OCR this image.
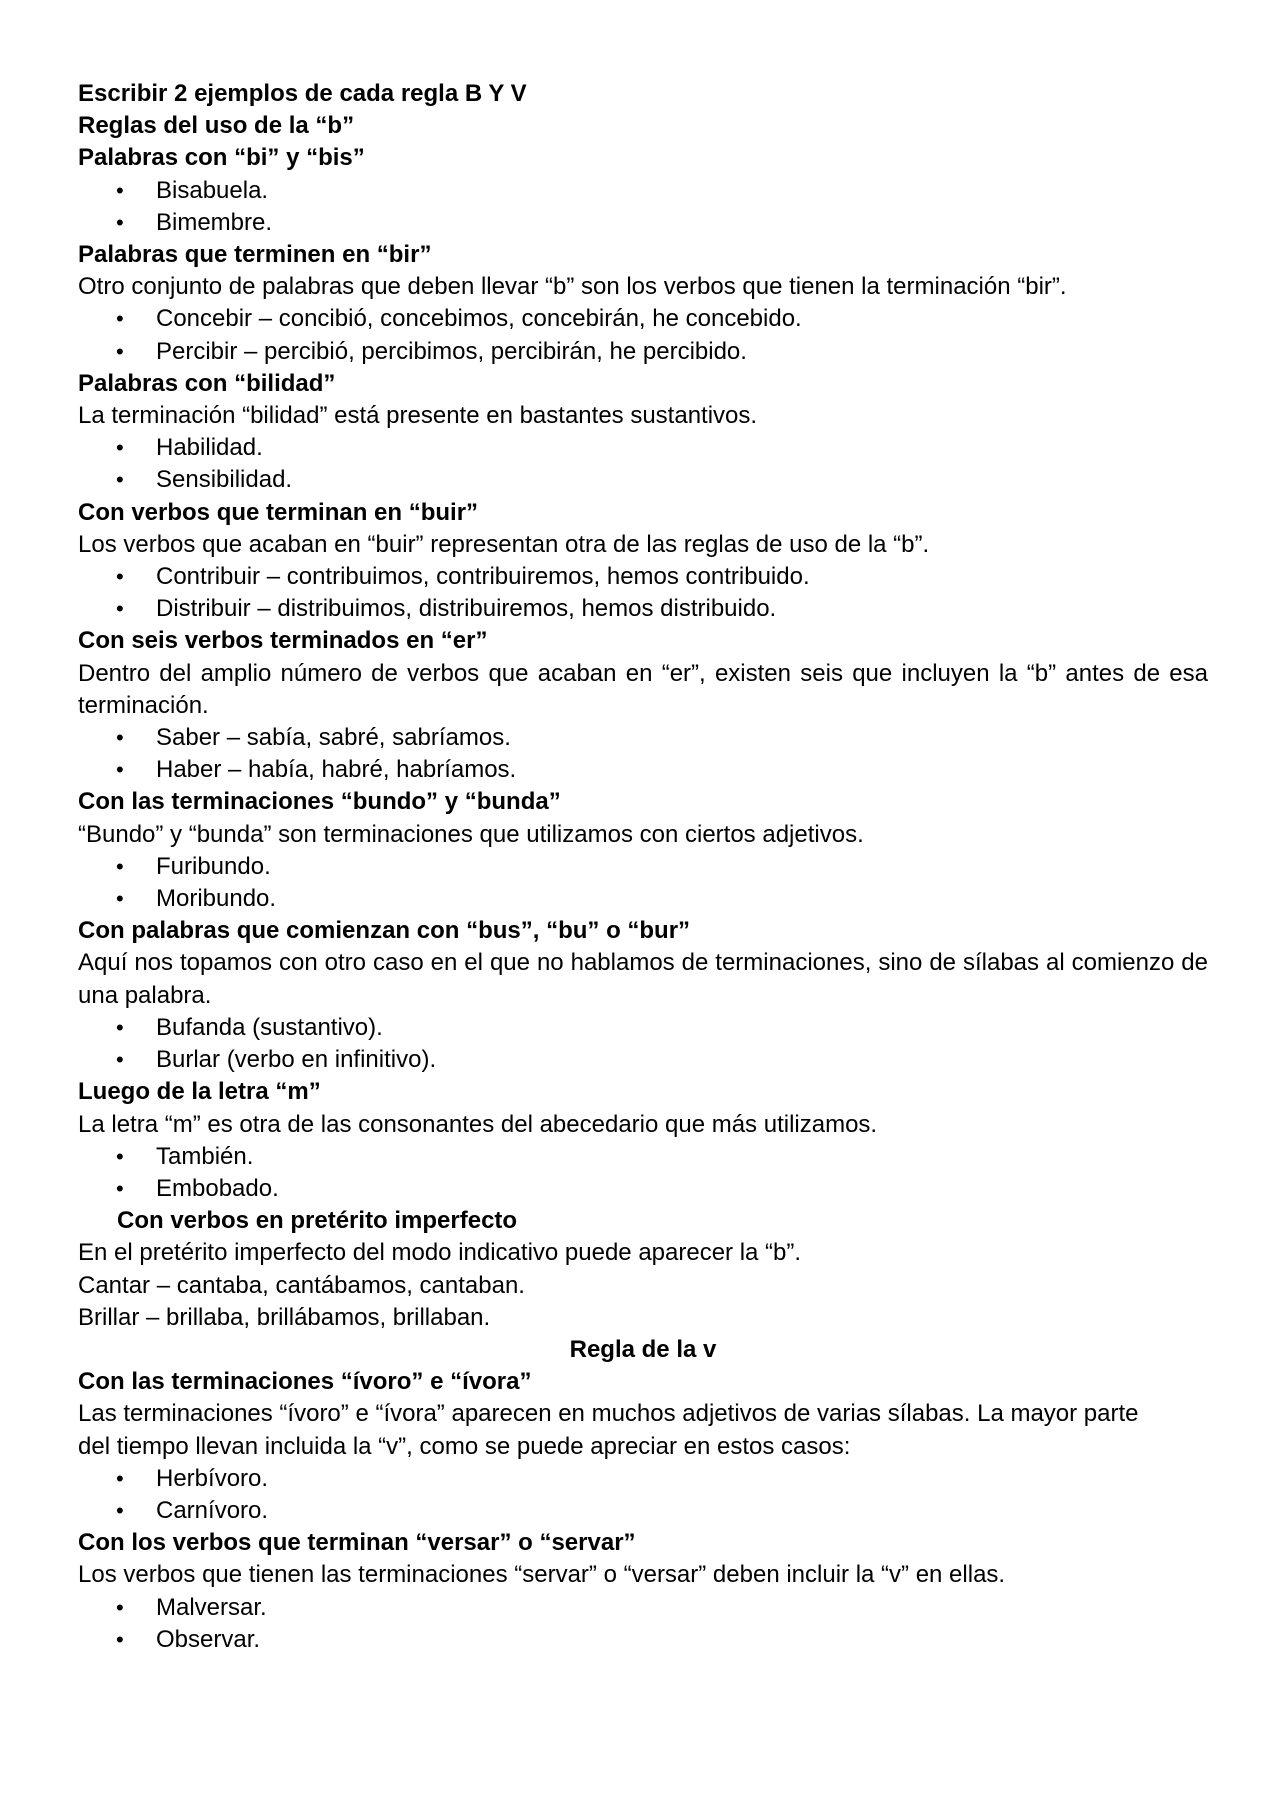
Escribir 2 ejemplos de cada regla B Y V
Reglas del uso de la “b”
Palabras con “bi” y “bis”
• Bisabuela.
• Bimembre.
Palabras que terminen en “bir”
Otro conjunto de palabras que deben llevar “b” son los verbos que tienen la terminación “bir”.
• Concebir – concibió, concebimos, concebirán, he concebido.
• Percibir – percibió, percibimos, percibirán, he percibido.
Palabras con “bilidad”
La terminación “bilidad” está presente en bastantes sustantivos.
• Habilidad.
• Sensibilidad.
Con verbos que terminan en “buir”
Los verbos que acaban en “buir” representan otra de las reglas de uso de la “b”.
• Contribuir – contribuimos, contribuiremos, hemos contribuido.
• Distribuir – distribuimos, distribuiremos, hemos distribuido.
Con seis verbos terminados en “er”
Dentro del amplio número de verbos que acaban en “er”, existen seis que incluyen la “b” antes de esa terminación.
• Saber – sabía, sabré, sabríamos.
• Haber – había, habré, habríamos.
Con las terminaciones “bundo” y “bunda”
“Bundo” y “bunda” son terminaciones que utilizamos con ciertos adjetivos.
• Furibundo.
• Moribundo.
Con palabras que comienzan con “bus”, “bu” o “bur”
Aquí nos topamos con otro caso en el que no hablamos de terminaciones, sino de sílabas al comienzo de una palabra.
• Bufanda (sustantivo).
• Burlar (verbo en infinitivo).
Luego de la letra “m”
La letra “m” es otra de las consonantes del abecedario que más utilizamos.
• También.
• Embobado.
Con verbos en pretérito imperfecto
En el pretérito imperfecto del modo indicativo puede aparecer la “b”.
Cantar – cantaba, cantábamos, cantaban.
Brillar – brillaba, brillábamos, brillaban.
Regla de la v
Con las terminaciones “ívoro” e “ívora”
Las terminaciones “ívoro” e “ívora” aparecen en muchos adjetivos de varias sílabas. La mayor parte del tiempo llevan incluida la “v”, como se puede apreciar en estos casos:
• Herbívoro.
• Carnívoro.
Con los verbos que terminan “versar” o “servar”
Los verbos que tienen las terminaciones “servar” o “versar” deben incluir la “v” en ellas.
• Malversar.
• Observar.
